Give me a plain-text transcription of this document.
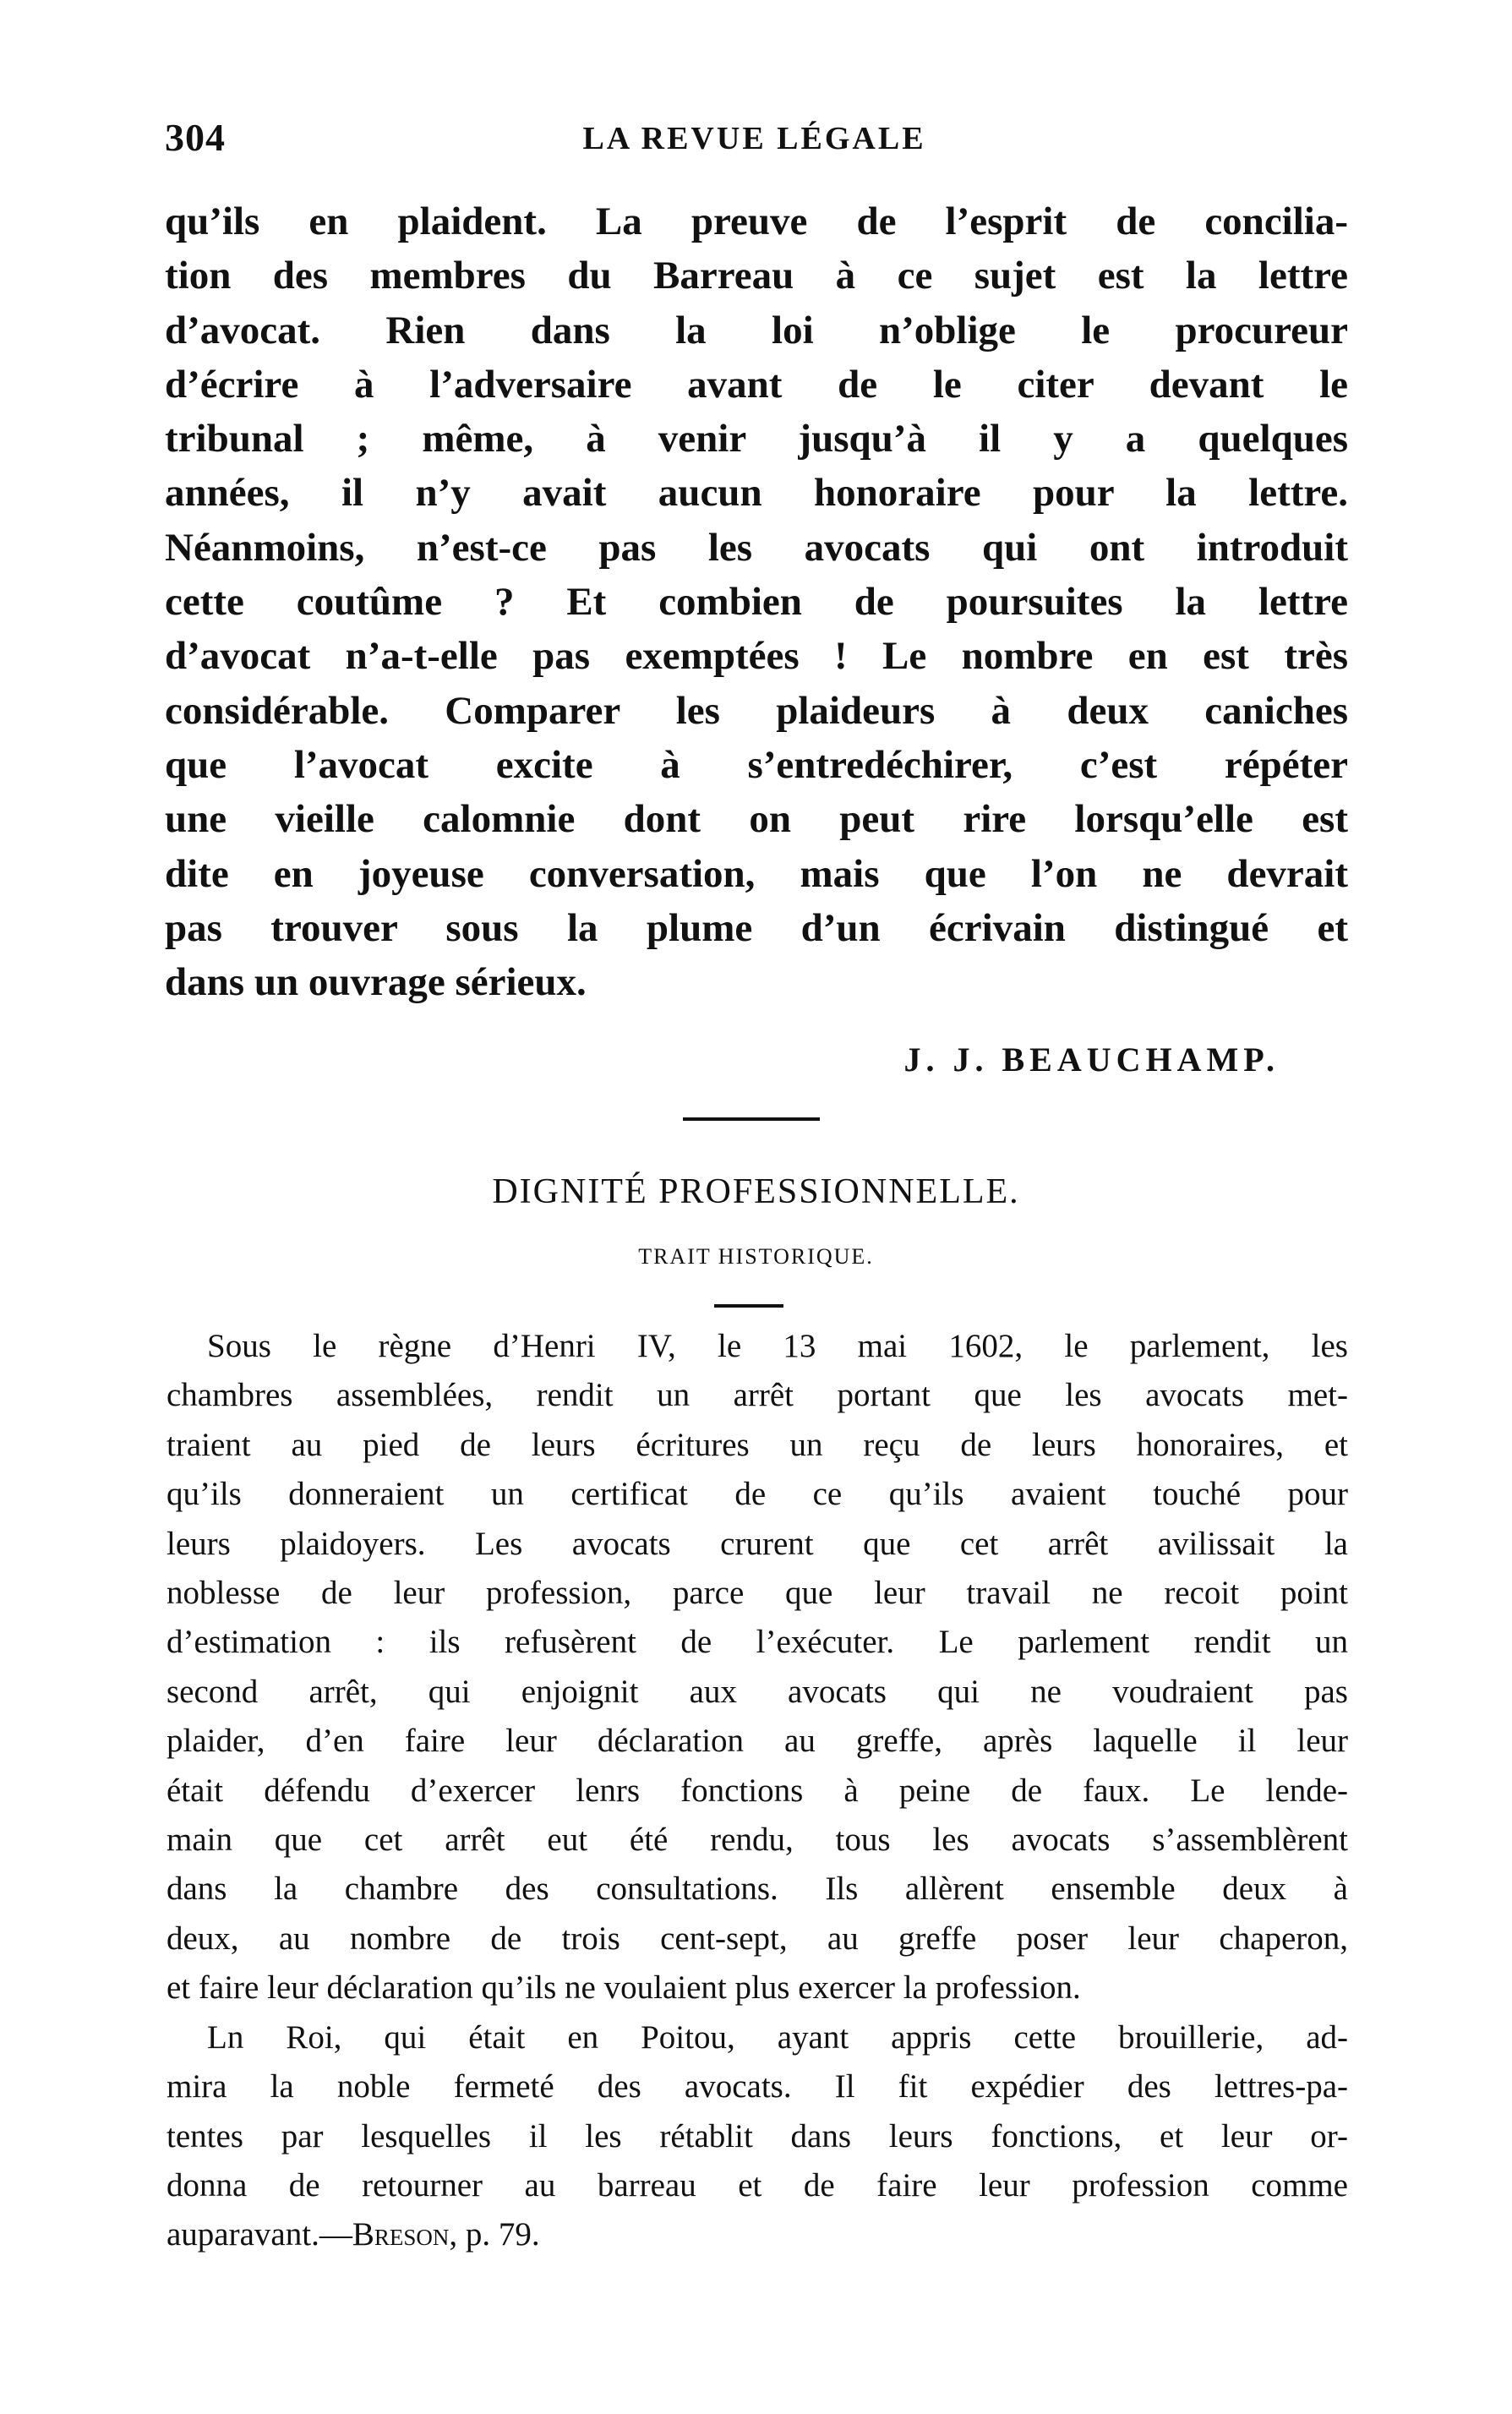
304	LA REVUE LÉGALE
qu’ils en plaident. La preuve de l’esprit de concilia-
tion des membres du Barreau à ce sujet est la lettre
d’avocat. Rien dans la loi n’oblige le procureur
d’écrire à l’adversaire avant de le citer devant le
tribunal ; même, à venir jusqu’à il y a quelques
années, il n’y avait aucun honoraire pour la lettre.
Néanmoins, n’est-ce pas les avocats qui ont introduit
cette coutûme ? Et combien de poursuites la lettre
d’avocat n’a-t-elle pas exemptées ! Le nombre en est très
considérable. Comparer les plaideurs à deux caniches
que l’avocat excite à s’entredéchirer, c’est répéter
une vieille calomnie dont on peut rire lorsqu’elle est
dite en joyeuse conversation, mais que l’on ne devrait
pas trouver sous la plume d’un écrivain distingué et
dans un ouvrage sérieux.
J. J. BEAUCHAMP.
DIGNITÉ PROFESSIONNELLE.
TRAIT HISTORIQUE.
Sous le règne d’Henri IV, le 13 mai 1602, le parlement, les
chambres assemblées, rendit un arrêt portant que les avocats met-
traient au pied de leurs écritures un reçu de leurs honoraires, et
qu’ils donneraient un certificat de ce qu’ils avaient touché pour
leurs plaidoyers. Les avocats crurent que cet arrêt avilissait la
noblesse de leur profession, parce que leur travail ne recoit point
d’estimation : ils refusèrent de l’exécuter. Le parlement rendit un
second arrêt, qui enjoignit aux avocats qui ne voudraient pas
plaider, d’en faire leur déclaration au greffe, après laquelle il leur
était défendu d’exercer lenrs fonctions à peine de faux. Le lende-
main que cet arrêt eut été rendu, tous les avocats s’assemblèrent
dans la chambre des consultations. Ils allèrent ensemble deux à
deux, au nombre de trois cent-sept, au greffe poser leur chaperon,
et faire leur déclaration qu’ils ne voulaient plus exercer la profession.
Ln Roi, qui était en Poitou, ayant appris cette brouillerie, ad-
mira la noble fermeté des avocats. Il fit expédier des lettres-pa-
tentes par lesquelles il les rétablit dans leurs fonctions, et leur or-
donna de retourner au barreau et de faire leur profession comme
auparavant.—Breson, p. 79.
